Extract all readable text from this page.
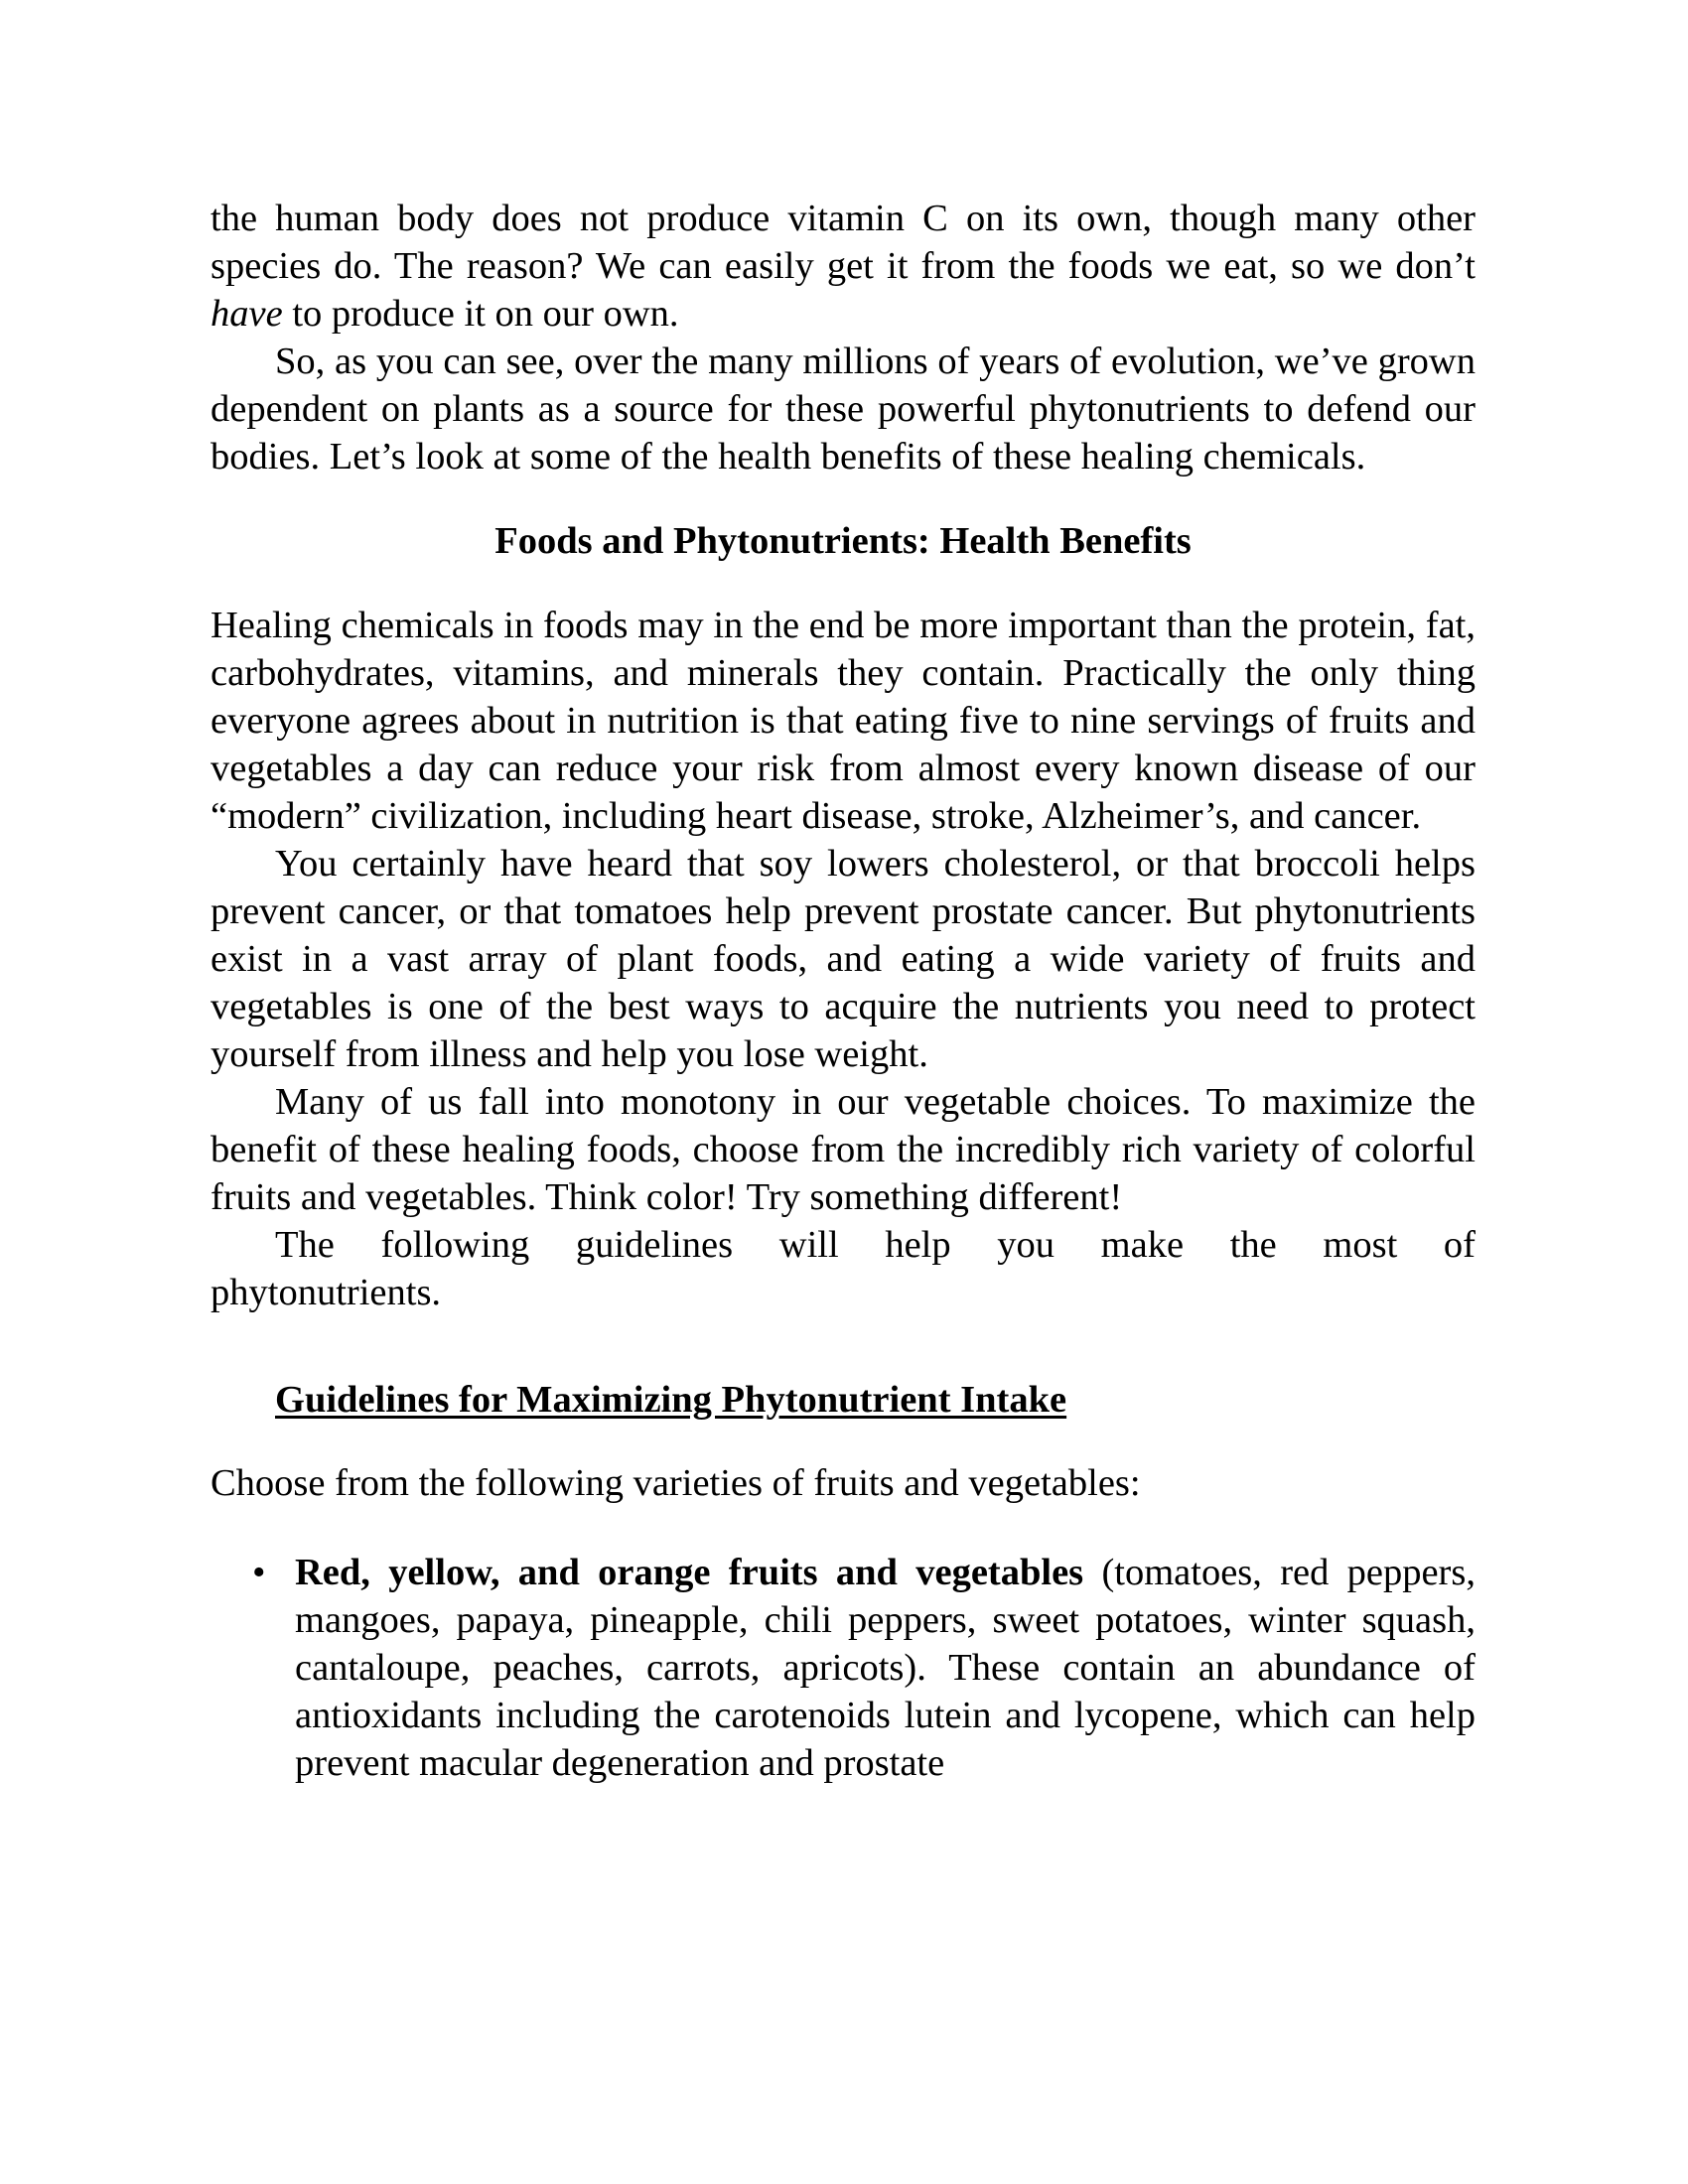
the human body does not produce vitamin C on its own, though many other species do. The reason? We can easily get it from the foods we eat, so we don’t have to produce it on our own.

So, as you can see, over the many millions of years of evolution, we’ve grown dependent on plants as a source for these powerful phytonutrients to defend our bodies. Let’s look at some of the health benefits of these healing chemicals.

Foods and Phytonutrients: Health Benefits

Healing chemicals in foods may in the end be more important than the protein, fat, carbohydrates, vitamins, and minerals they contain. Practically the only thing everyone agrees about in nutrition is that eating five to nine servings of fruits and vegetables a day can reduce your risk from almost every known disease of our “modern” civilization, including heart disease, stroke, Alzheimer’s, and cancer.

You certainly have heard that soy lowers cholesterol, or that broccoli helps prevent cancer, or that tomatoes help prevent prostate cancer. But phytonutrients exist in a vast array of plant foods, and eating a wide variety of fruits and vegetables is one of the best ways to acquire the nutrients you need to protect yourself from illness and help you lose weight.

Many of us fall into monotony in our vegetable choices. To maximize the benefit of these healing foods, choose from the incredibly rich variety of colorful fruits and vegetables. Think color! Try something different!

The following guidelines will help you make the most of

phytonutrients.

Guidelines for Maximizing Phytonutrient Intake

Choose from the following varieties of fruits and vegetables:

• Red, yellow, and orange fruits and vegetables (tomatoes, red peppers, mangoes, papaya, pineapple, chili peppers, sweet potatoes, winter squash, cantaloupe, peaches, carrots, apricots). These contain an abundance of antioxidants including the carotenoids lutein and lycopene, which can help prevent macular degeneration and prostate
